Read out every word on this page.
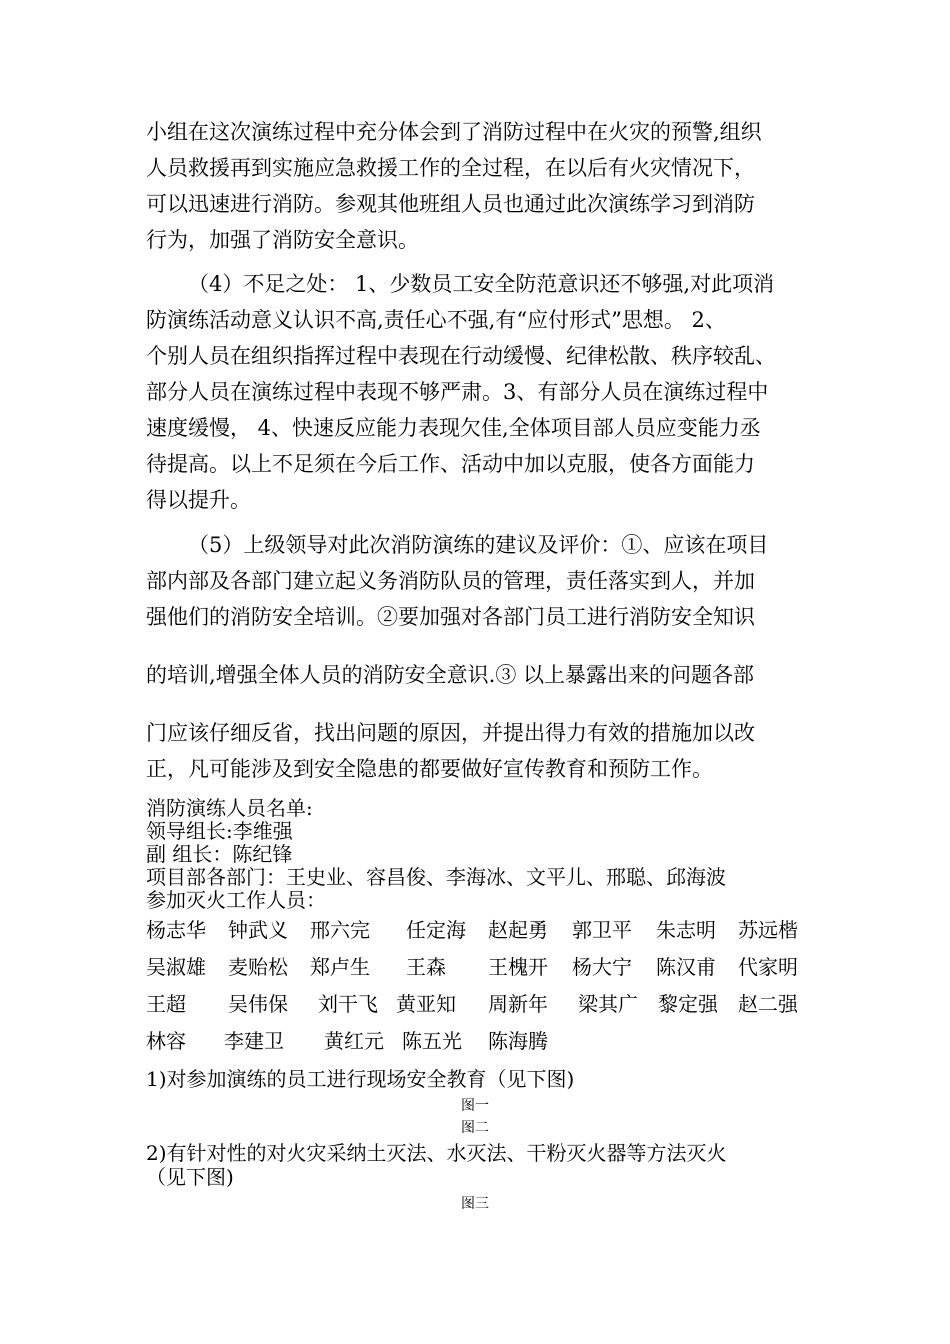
小组在这次演练过程中充分体会到了消防过程中在火灾的预警,组织
人员救援再到实施应急救援工作的全过程，在以后有火灾情况下，
可以迅速进行消防。参观其他班组人员也通过此次演练学习到消防
行为，加强了消防安全意识。
（4）不足之处： 1、少数员工安全防范意识还不够强,对此项消
防演练活动意义认识不高,责任心不强,有“应付形式”思想。 2、
个别人员在组织指挥过程中表现在行动缓慢、纪律松散、秩序较乱、
部分人员在演练过程中表现不够严肃。3、有部分人员在演练过程中
速度缓慢， 4、快速反应能力表现欠佳,全体项目部人员应变能力丞
待提高。以上不足须在今后工作、活动中加以克服，使各方面能力
得以提升。
（5）上级领导对此次消防演练的建议及评价：①、应该在项目
部内部及各部门建立起义务消防队员的管理，责任落实到人，并加
强他们的消防安全培训。②要加强对各部门员工进行消防安全知识
的培训,增强全体人员的消防安全意识.③ 以上暴露出来的问题各部
门应该仔细反省，找出问题的原因，并提出得力有效的措施加以改
正，凡可能涉及到安全隐患的都要做好宣传教育和预防工作。
消防演练人员名单:
领导组长:李维强
副 组长：陈纪锋
项目部各部门：王史业、容昌俊、李海冰、文平儿、邢聪、邱海波
参加灭火工作人员：
杨志华 钟武义 邢六完 任定海 赵起勇 郭卫平 朱志明 苏远楷
吴淑雄 麦贻松 郑卢生 王森 王槐开 杨大宁 陈汉甫 代家明
王超 吴伟保 刘干飞 黄亚知 周新年 梁其广 黎定强 赵二强
林容 李建卫 黄红元 陈五光 陈海腾
1)对参加演练的员工进行现场安全教育（见下图)
图一
图二
2)有针对性的对火灾采纳土灭法、水灭法、干粉灭火器等方法灭火
（见下图)
图三
